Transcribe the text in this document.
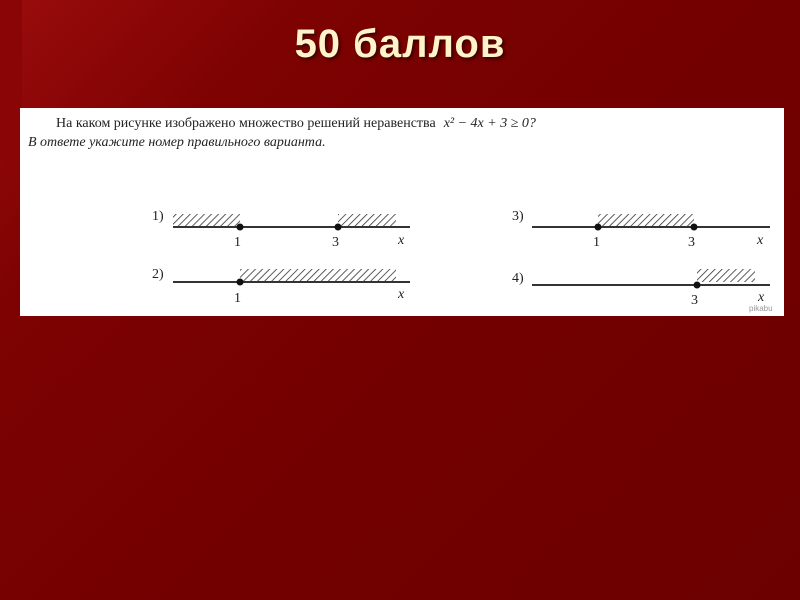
50 баллов
На каком рисунке изображено множество решений неравенства x² − 4x + 3 ≥ 0?
В ответе укажите номер правильного варианта.
1)
1	3	x
2)
1	x
3)
1	3	x
4)
3	x
pikabu
